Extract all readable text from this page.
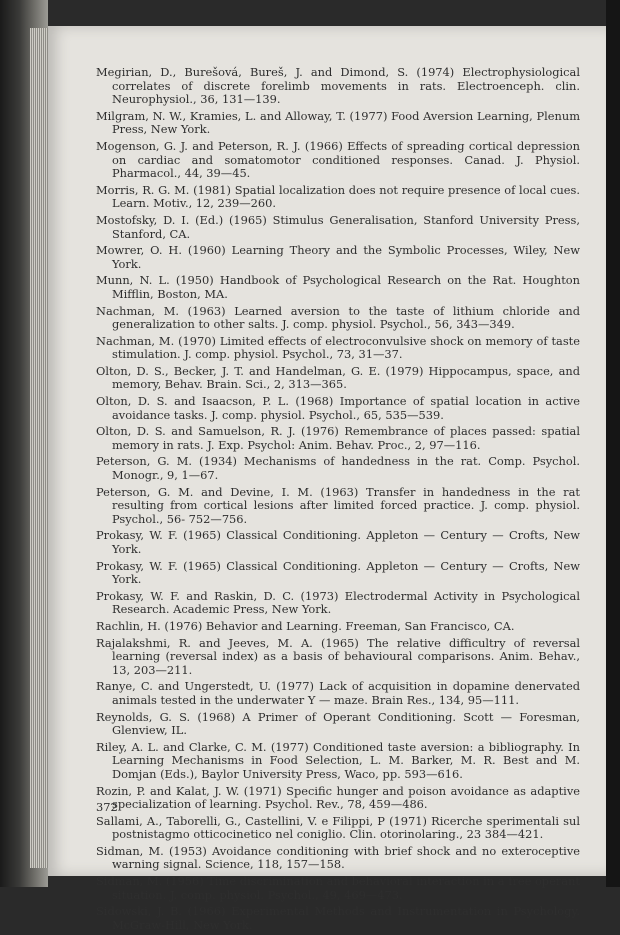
Megirian, D., Burešová, Bureš, J. and Dimond, S. (1974) Electrophysiological correlates of discrete forelimb movements in rats. Electroenceph. clin. Neurophysiol., 36, 131—139.

Milgram, N. W., Kramies, L. and Alloway, T. (1977) Food Aversion Learning, Plenum Press, New York.

Mogenson, G. J. and Peterson, R. J. (1966) Effects of spreading cortical depression on cardiac and somatomotor conditioned responses. Canad. J. Physiol. Pharmacol., 44, 39—45.

Morris, R. G. M. (1981) Spatial localization does not require presence of local cues. Learn. Motiv., 12, 239—260.

Mostofsky, D. I. (Ed.) (1965) Stimulus Generalisation, Stanford University Press, Stanford, CA.

Mowrer, O. H. (1960) Learning Theory and the Symbolic Processes, Wiley, New York.

Munn, N. L. (1950) Handbook of Psychological Research on the Rat. Houghton Mifflin, Boston, MA.

Nachman, M. (1963) Learned aversion to the taste of lithium chloride and generalization to other salts. J. comp. physiol. Psychol., 56, 343—349.

Nachman, M. (1970) Limited effects of electroconvulsive shock on memory of taste stimulation. J. comp. physiol. Psychol., 73, 31—37.

Olton, D. S., Becker, J. T. and Handelman, G. E. (1979) Hippocampus, space, and memory, Behav. Brain. Sci., 2, 313—365.

Olton, D. S. and Isaacson, P. L. (1968) Importance of spatial location in active avoidance tasks. J. comp. physiol. Psychol., 65, 535—539.

Olton, D. S. and Samuelson, R. J. (1976) Remembrance of places passed: spatial memory in rats. J. Exp. Psychol: Anim. Behav. Proc., 2, 97—116.

Peterson, G. M. (1934) Mechanisms of handedness in the rat. Comp. Psychol. Monogr., 9, 1—67.

Peterson, G. M. and Devine, I. M. (1963) Transfer in handedness in the rat resulting from cortical lesions after limited forced practice. J. comp. physiol. Psychol., 56- 752—756.

Prokasy, W. F. (1965) Classical Conditioning. Appleton — Century — Crofts, New York.

Prokasy, W. F. (1965) Classical Conditioning. Appleton — Century — Crofts, New York.

Prokasy, W. F. and Raskin, D. C. (1973) Electrodermal Activity in Psychological Research. Academic Press, New York.

Rachlin, H. (1976) Behavior and Learning. Freeman, San Francisco, CA.

Rajalakshmi, R. and Jeeves, M. A. (1965) The relative difficultry of reversal learning (reversal index) as a basis of behavioural comparisons. Anim. Behav., 13, 203—211.

Ranye, C. and Ungerstedt, U. (1977) Lack of acquisition in dopamine denervated animals tested in the underwater Y — maze. Brain Res., 134, 95—111.

Reynolds, G. S. (1968) A Primer of Operant Conditioning. Scott — Foresman, Glenview, IL.

Riley, A. L. and Clarke, C. M. (1977) Conditioned taste aversion: a bibliography. In Learning Mechanisms in Food Selection, L. M. Barker, M. R. Best and M. Domjan (Eds.), Baylor University Press, Waco, pp. 593—616.

Rozin, P. and Kalat, J. W. (1971) Specific hunger and poison avoidance as adaptive specialization of learning. Psychol. Rev., 78, 459—486.

Sallami, A., Taborelli, G., Castellini, V. e Filippi, P (1971) Ricerche sperimentali sul postnistagmo otticocinetico nel coniglio. Clin. otorinolaring., 23 384—421.

Sidman, M. (1953) Avoidance conditioning with brief shock and no exteroceptive warning signal. Science, 118, 157—158.

Sidman, M. (1956) Time discrimination and behavioral interaction in a free operant situation. J. comp. physiol. Psychol., 49, 469—473.

Sidowski, J. B. (1966) Experimental Methods and Instrumentation in Psychology. McGraw-Hill, New York.

372
